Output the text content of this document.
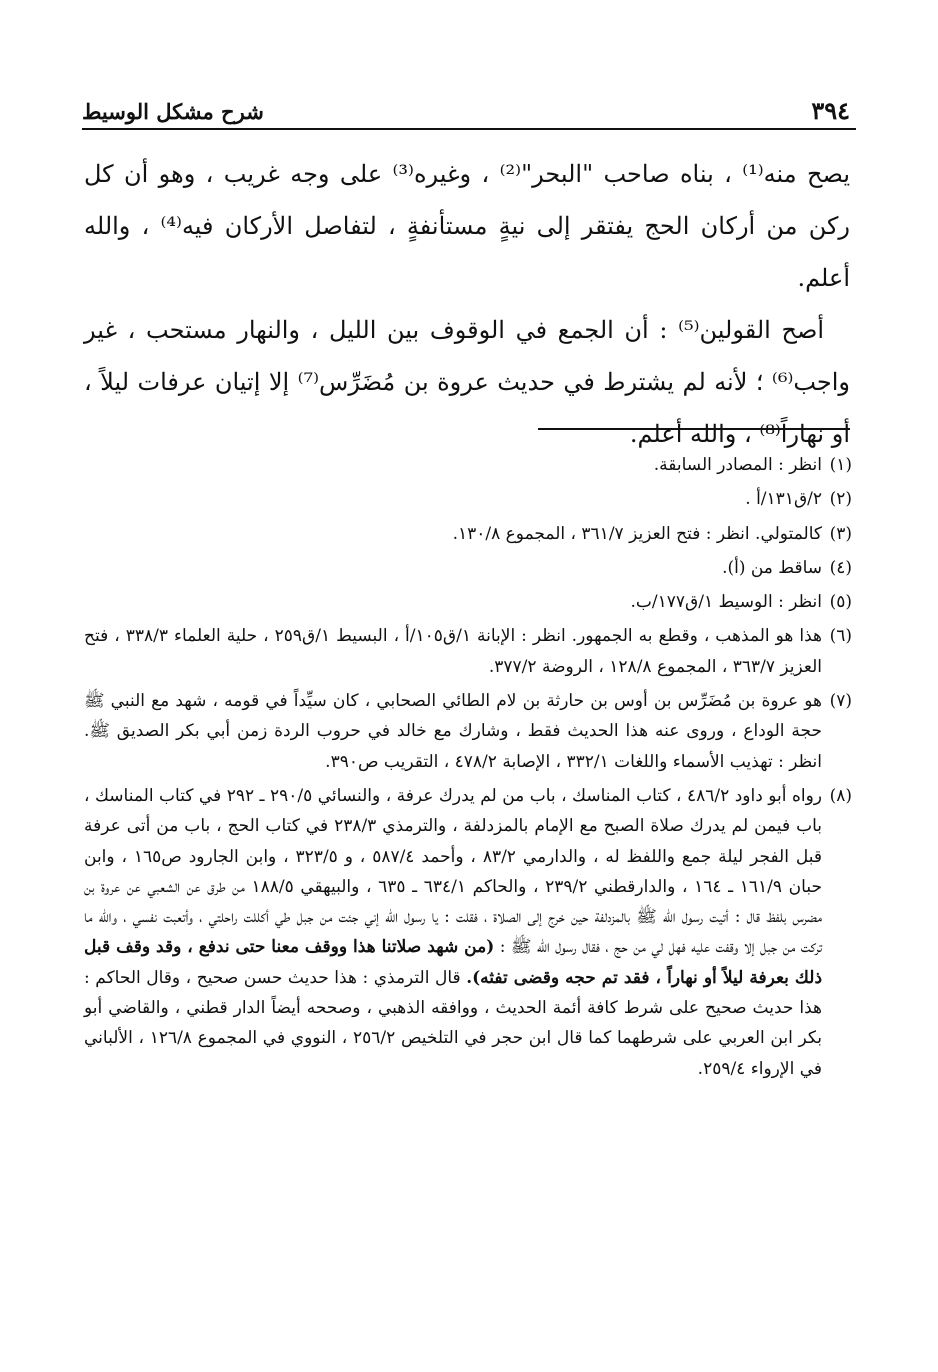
٣٩٤
شرح مشكل الوسيط

يصح منه⁽¹⁾ ، بناه صاحب "البحر"⁽²⁾ ، وغيره⁽³⁾ على وجه غريب ، وهو أن كل ركن من أركان الحج يفتقر إلى نيةٍ مستأنفةٍ ، لتفاصل الأركان فيه⁽⁴⁾ ، والله أعلم.

أصح القولين⁽⁵⁾ : أن الجمع في الوقوف بين الليل ، والنهار مستحب ، غير واجب⁽⁶⁾ ؛ لأنه لم يشترط في حديث عروة بن مُضَرِّس⁽⁷⁾ إلا إتيان عرفات ليلاً ، أو نهاراً⁽⁸⁾ ، والله أعلم.

(١)
انظر : المصادر السابقة.

(٢)
٢/ق١٣١/أ .

(٣)
كالمتولي. انظر : فتح العزيز ٣٦١/٧ ، المجموع ١٣٠/٨.

(٤)
ساقط من (أ).

(٥)
انظر : الوسيط ١/ق١٧٧/ب.

(٦)
هذا هو المذهب ، وقطع به الجمهور. انظر : الإبانة ١/ق١٠٥/أ ، البسيط ١/ق٢٥٩ ، حلية العلماء ٣٣٨/٣ ، فتح العزيز ٣٦٣/٧ ، المجموع ١٢٨/٨ ، الروضة ٣٧٧/٢.

(٧)
هو عروة بن مُضَرِّس بن أوس بن حارثة بن لام الطائي الصحابي ، كان سيِّداً في قومه ، شهد مع النبي ﷺ حجة الوداع ، وروى عنه هذا الحديث فقط ، وشارك مع خالد في حروب الردة زمن أبي بكر الصديق ﷺ. انظر : تهذيب الأسماء واللغات ٣٣٢/١ ، الإصابة ٤٧٨/٢ ، التقريب ص٣٩٠.

(٨)
رواه أبو داود ٤٨٦/٢ ، كتاب المناسك ، باب من لم يدرك عرفة ، والنسائي ٢٩٠/٥ ـ ٢٩٢ في كتاب المناسك ، باب فيمن لم يدرك صلاة الصبح مع الإمام بالمزدلفة ، والترمذي ٢٣٨/٣ في كتاب الحج ، باب من أتى عرفة قبل الفجر ليلة جمع واللفظ له ، والدارمي ٨٣/٢ ، وأحمد ٥٨٧/٤ ، و ٣٢٣/٥ ، وابن الجارود ص١٦٥ ، وابن حبان ١٦١/٩ ـ ١٦٤ ، والدارقطني ٢٣٩/٢ ، والحاكم ٦٣٤/١ ـ ٦٣٥ ، والبيهقي ١٨٨/٥ من طرق عن الشعبي عن عروة بن مضرس بلفظ قال : أتيت رسول الله ﷺ بالمزدلفة حين خرج إلى الصلاة ، فقلت : يا رسول الله إني جئت من جبل طي أكللت راحلتي ، وأتعبت نفسي ، والله ما تركت من جبل إلا وقفت عليه فهل لي من حج ، فقال رسول الله ﷺ : (من شهد صلاتنا هذا ووقف معنا حتى ندفع ، وقد وقف قبل ذلك بعرفة ليلاً أو نهاراً ، فقد تم حجه وقضى تفثه). قال الترمذي : هذا حديث حسن صحيح ، وقال الحاكم : هذا حديث صحيح على شرط كافة أئمة الحديث ، ووافقه الذهبي ، وصححه أيضاً الدار قطني ، والقاضي أبو بكر ابن العربي على شرطهما كما قال ابن حجر في التلخيص ٢٥٦/٢ ، النووي في المجموع ١٢٦/٨ ، الألباني في الإرواء ٢٥٩/٤.
